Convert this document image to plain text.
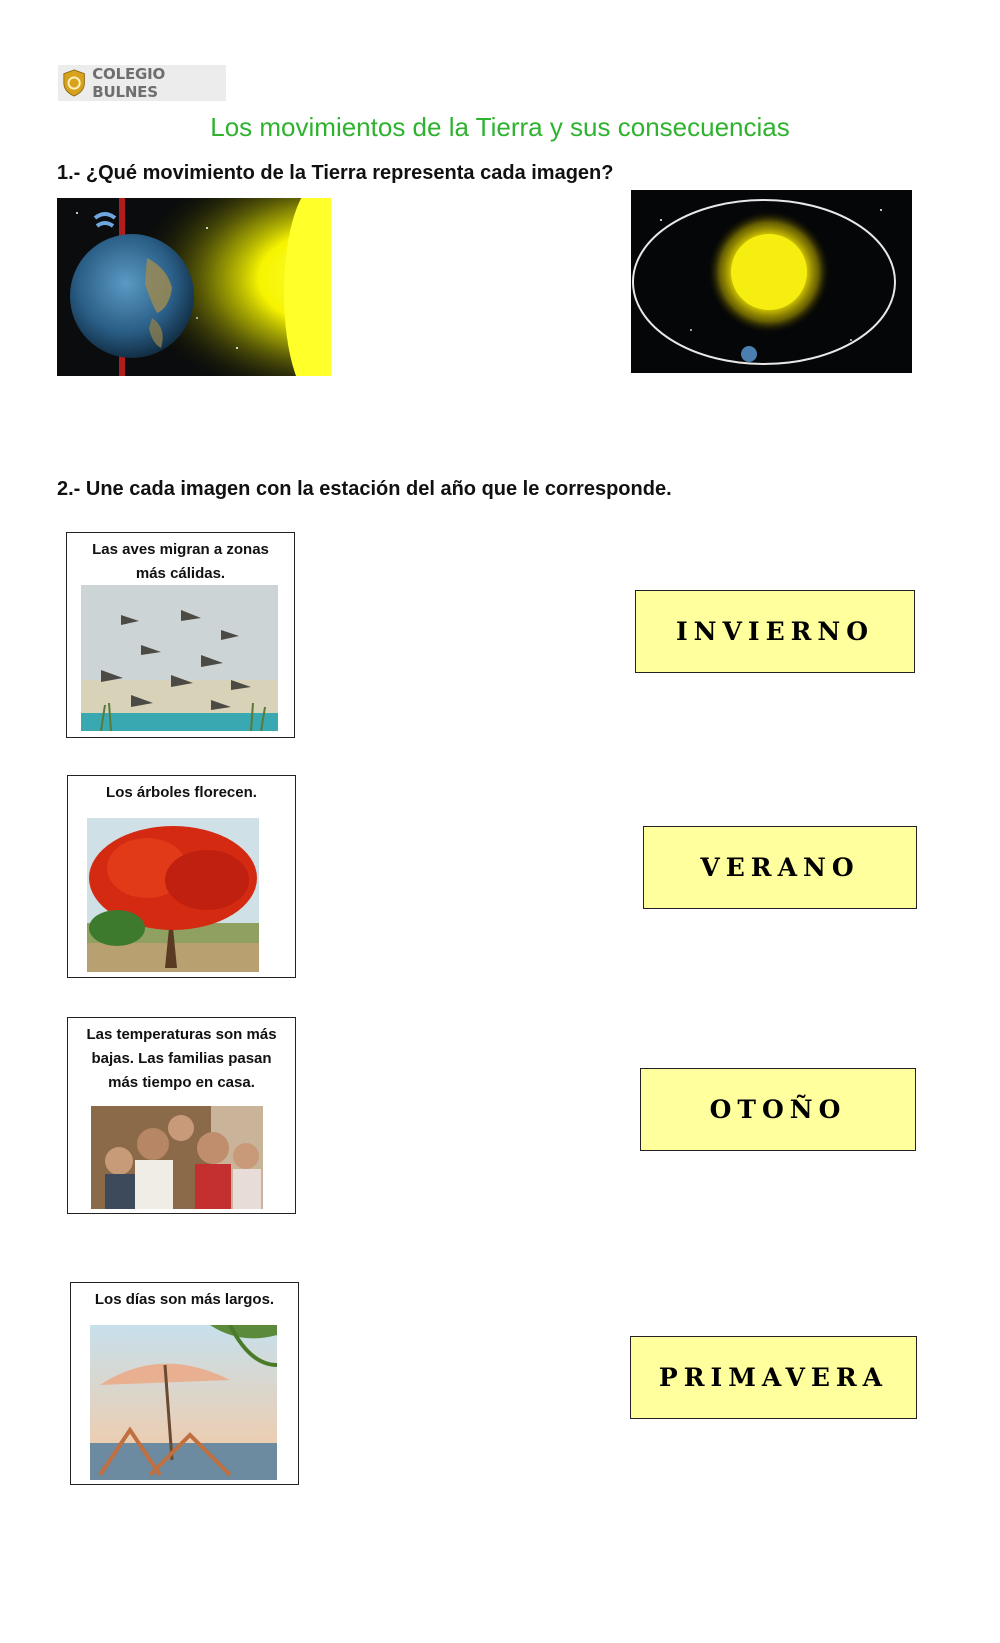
COLEGIO BULNES
Los movimientos de la Tierra y sus consecuencias
1.- ¿Qué movimiento de la Tierra representa cada imagen?
2.- Une cada imagen con la estación del año que le corresponde.
Las aves migran a zonas más cálidas.
Los árboles florecen.
Las temperaturas son más bajas. Las familias pasan más tiempo en casa.
Los días son más largos.
INVIERNO
VERANO
OTOÑO
PRIMAVERA
